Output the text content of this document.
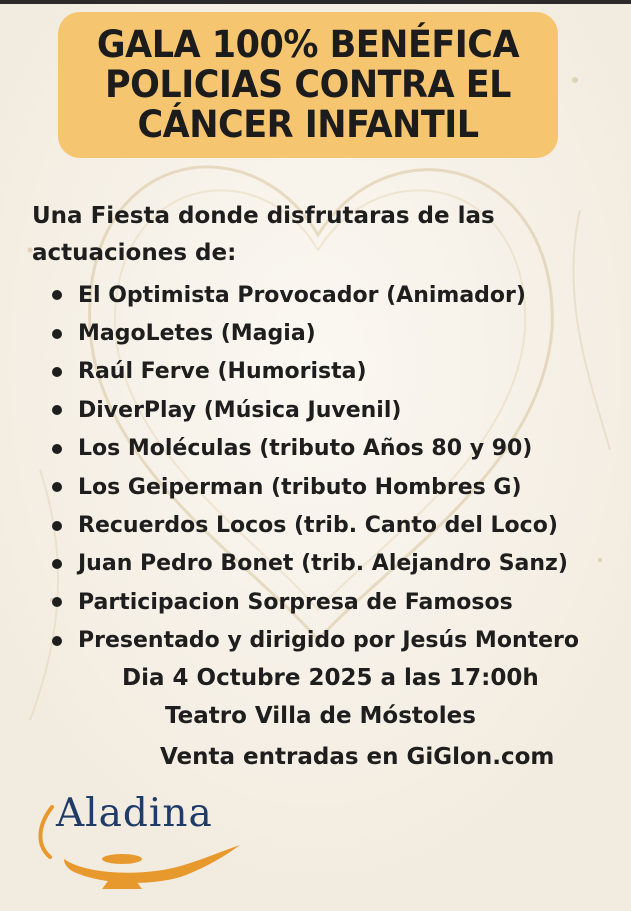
GALA 100% BENÉFICA
POLICIAS CONTRA EL
CÁNCER INFANTIL
Una Fiesta donde disfrutaras de las actuaciones de:
El Optimista Provocador (Animador)
MagoLetes (Magia)
Raúl Ferve (Humorista)
DiverPlay (Música Juvenil)
Los Moléculas (tributo Años 80 y 90)
Los Geiperman (tributo Hombres G)
Recuerdos Locos (trib. Canto del Loco)
Juan Pedro Bonet (trib. Alejandro Sanz)
Participacion Sorpresa de Famosos
Presentado y dirigido por Jesús Montero
Dia 4 Octubre 2025 a las 17:00h
Teatro Villa de Móstoles
Venta entradas en GiGlon.com
Aladina
